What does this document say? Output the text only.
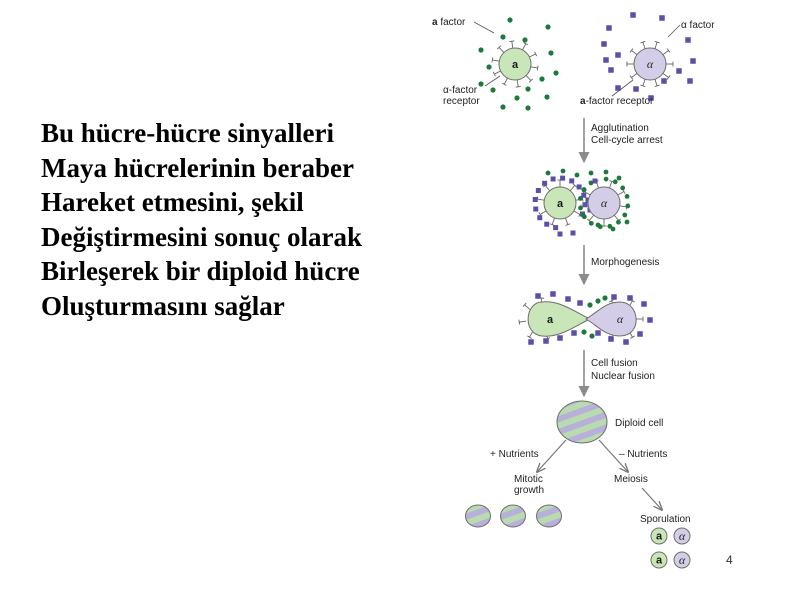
Bu hücre-hücre sinyalleri
Maya hücrelerinin beraber
Hareket etmesini, şekil
Değiştirmesini sonuç olarak
Birleşerek bir diploid hücre
Oluşturmasını sağlar
a	α
a factor	α factor
α-factor
receptor	a-factor receptor
Agglutination
Cell-cycle arrest
a	α
Morphogenesis
a	α
Cell fusion
Nuclear fusion
Diploid cell
+ Nutrients	– Nutrients
Mitotic
growth
Meiosis
Sporulation
a α
a α	4
